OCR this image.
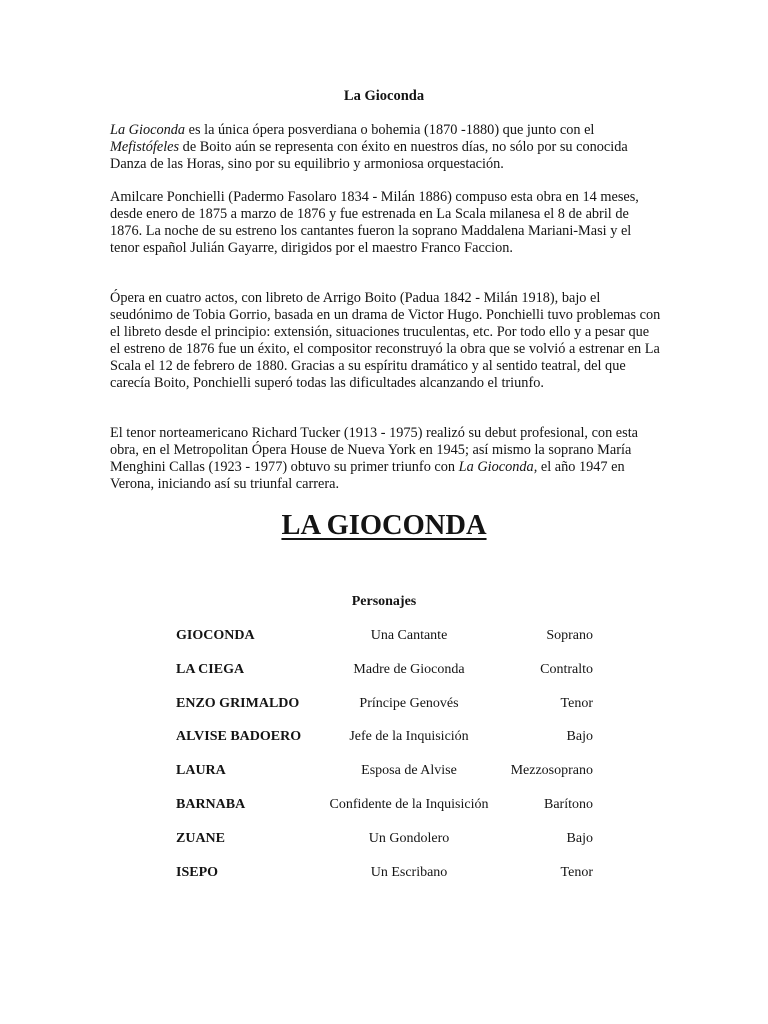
La Gioconda

La Gioconda es la única ópera posverdiana o bohemia (1870 -1880) que junto con el Mefistófeles de Boito aún se representa con éxito en nuestros días, no sólo por su conocida Danza de las Horas, sino por su equilibrio y armoniosa orquestación.

Amilcare Ponchielli (Padermo Fasolaro 1834 - Milán 1886) compuso esta obra en 14 meses, desde enero de 1875 a marzo de 1876 y fue estrenada en La Scala milanesa el 8 de abril de 1876. La noche de su estreno los cantantes fueron la soprano Maddalena Mariani-Masi y el tenor español Julián Gayarre, dirigidos por el maestro Franco Faccion.

Ópera en cuatro actos, con libreto de Arrigo Boito (Padua 1842 - Milán 1918), bajo el seudónimo de Tobia Gorrio, basada en un drama de Victor Hugo. Ponchielli tuvo problemas con el libreto desde el principio: extensión, situaciones truculentas, etc. Por todo ello y a pesar que el estreno de 1876 fue un éxito, el compositor reconstruyó la obra que se volvió a estrenar en La Scala el 12 de febrero de 1880. Gracias a su espíritu dramático y al sentido teatral, del que carecía Boito, Ponchielli superó todas las dificultades alcanzando el triunfo.

El tenor norteamericano Richard Tucker (1913 - 1975) realizó su debut profesional, con esta obra, en el Metropolitan Ópera House de Nueva York en 1945; así mismo la soprano María Menghini Callas (1923 - 1977) obtuvo su primer triunfo con La Gioconda, el año 1947 en Verona, iniciando así su triunfal carrera.

LA GIOCONDA
Personajes
GIOCONDA	Una Cantante	Soprano
LA CIEGA	Madre de Gioconda	Contralto
ENZO GRIMALDO	Príncipe Genovés	Tenor
ALVISE BADOERO	Jefe de la Inquisición	Bajo
LAURA	Esposa de Alvise	Mezzosoprano
BARNABA	Confidente de la Inquisición	Barítono
ZUANE	Un Gondolero	Bajo
ISEPO	Un Escribano	Tenor
